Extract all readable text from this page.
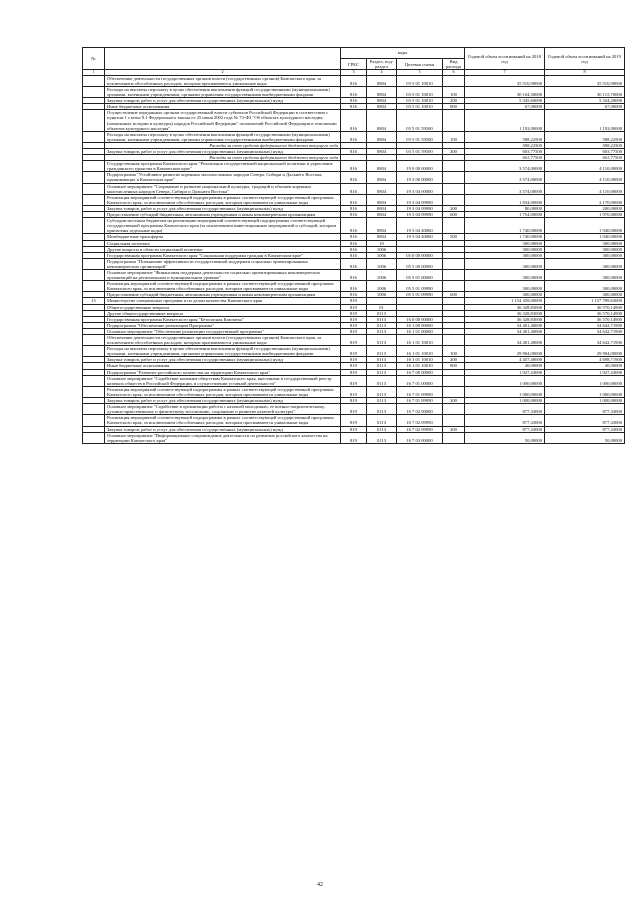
№		коды				Годовой объем ассигнований на 2018 год	Годовой объем ассигнований на 2019 год
		ГРБС	Раздел, под-раздел	Целевая статья	Вид расхода		
1	2	3	4	5	6	7	8
	Обеспечение деятельности государственных органов власти (государственных органов) Камчатского края, за исключением обособленных расходов, которым присваиваются уникальные коды	816	0804	03 5 01 10010		35 516,90000	35 516,90000
	Расходы на выплаты персоналу в целях обеспечения выполнения функций государственными (муниципальными) органами, казенными учреждениями, органами управления государственными внебюджетными фондами	816	0804	03 5 01 10010	100	30 104,30000	30 115,70000
	Закупка товаров, работ и услуг для обеспечения государственных (муниципальных) нужд	816	0804	03 5 01 10010	200	5 345,60000	5 334,20000
	Иные бюджетные ассигнования	816	0804	03 5 01 10010	800	67,00000	67,00000
	Осуществление переданных органам государственной власти субъектов Российской Федерации в соответствии с пунктом 1 статьи 9.1 Федерального закона от 25 июня 2002 года № 73-ФЗ "Об объектах культурного наследия (памятниках истории и культуры) народов Российской Федерации" полномочий Российской Федерации в отношении объектов культурного наследия"	816	0804	03 5 01 59500		1 192,00000	1 192,00000
	Расходы на выплаты персоналу в целях обеспечения выполнения функций государственными (муниципальными) органами, казенными учреждениями, органами управления государственными внебюджетными фондами	816	0804	03 5 01 59500	100	588,22500	588,22500
	Расходы за счет средств федерального бюджета текущего года					588,22500	588,22500
	Закупка товаров, работ и услуг для обеспечения государственных (муниципальных) нужд	816	0804	03 5 01 59500	200	603,77500	603,77500
	Расходы за счет средств федерального бюджета текущего года					603,77500	603,77500
	Государственная программа Камчатского края "Реализация государственной национальной политики и укрепление гражданского единства в Камчатском крае"	816	0804	19 0 00 00000		3 574,00000	4 110,00000
	Подпрограмма "Устойчивое развитие коренных малочисленных народов Севера, Сибири и Дальнего Востока, проживающих в Камчатском крае"	816	0804	19 3 00 00000		3 574,00000	4 110,00000
	Основное мероприятие "Сохранение и развитие национальной культуры, традиций и обычаев коренных малочисленных народов Севера, Сибири и Дальнего Востока"	816	0804	19 3 04 00000		3 574,00000	4 110,00000
	Реализация мероприятий соответствующей подпрограммы в рамках соответствующей государственной программы Камчатского края, за исключением обособленных расходов, которым присваиваются уникальные коды	816	0804	19 3 04 09990		1 834,00000	2 170,00000
	Закупка товаров, работ и услуг для обеспечения государственных (муниципальных) нужд	816	0804	19 3 04 09990	200	80,00000	200,00000
	Предоставление субсидий бюджетным, автономным учреждениям и иным некоммерческим организациям	816	0804	19 3 04 09990	600	1 754,00000	1 970,00000
	Субсидии местным бюджетам на реализацию мероприятий соответствующей подпрограммы соответствующей государственной программы Камчатского края (за исключением инвестиционных мероприятий и субсидий, которым присвоены отдельные коды)	816	0804	19 3 04 40060		1 740,00000	1 940,00000
	Межбюджетные трансферты	816	0804	19 3 04 40060	500	1 740,00000	1 940,00000
	Социальная политика	816	10			300,00000	300,00000
	Другие вопросы в области социальной политики	816	1006			300,00000	300,00000
	Государственная программа Камчатского края "Социальная поддержка граждан в Камчатском крае"	816	1006	05 0 00 00000		300,00000	300,00000
	Подпрограмма "Повышение эффективности государственной поддержки социально ориентированных некоммерческих организаций"	816	1006	05 5 00 00000		300,00000	300,00000
	Основное мероприятие "Финансовая поддержка деятельности социально ориентированных некоммерческих организаций на региональном и муниципальном уровнях"	816	1006	05 5 01 00000		300,00000	300,00000
	Реализация мероприятий соответствующей подпрограммы в рамках соответствующей государственной программы Камчатского края, за исключением обособленных расходов, которым присваиваются уникальные коды	816	1006	05 5 01 09990		300,00000	300,00000
	Предоставление субсидий бюджетным, автономным учреждениям и иным некоммерческим организациям	816	1006	05 5 01 09990	600	300,00000	300,00000
15	Министерство специальных программ и по делам казачества Камчатского края	819				1 154 458,00000	1 157 789,63000
	Общегосударственные вопросы	819	01			36 328,83000	36 570,14900
	Другие общегосударственные вопросы	819	0113			36 328,83000	36 570,14900
	Государственная программа Камчатского края "Безопасная Камчатка"	819	0113	16 0 00 00000		36 328,83000	36 570,14900
	Подпрограмма "Обеспечение реализации Программы"	819	0113	16 1 00 00000		34 401,40000	34 642,71900
	Основное мероприятие "Обеспечение реализации государственной программы"	819	0113	16 1 01 00000		34 401,40000	34 642,71900
	Обеспечение деятельности государственных органов власти (государственных органов) Камчатского края, за исключением обособленных расходов, которым присваиваются уникальные коды	819	0113	16 1 01 10010		34 401,40000	34 642,71900
	Расходы на выплаты персоналу в целях обеспечения выполнения функций государственными (муниципальными) органами, казенными учреждениями, органами управления государственными внебюджетными фондами	819	0113	16 1 01 10010	100	29 904,00000	29 904,00000
	Закупка товаров, работ и услуг для обеспечения государственных (муниципальных) нужд	819	0113	16 1 01 10010	200	4 457,40000	4 698,71900
	Иные бюджетные ассигнования	819	0113	16 1 01 10010	800	40,00000	40,00000
	Подпрограмма "Развитие российского казачества на территории Камчатского края"	819	0113	16 7 00 00000		1 927,43000	1 927,43000
	Основное мероприятие "Содействие казачьим обществам Камчатского края, внесенным в государственный реестр казачьих обществ в Российской Федерации, в осуществлении уставной деятельности"	819	0113	16 7 01 00000		1 000,00000	1 000,00000
	Реализация мероприятий соответствующей подпрограммы в рамках соответствующей государственной программы Камчатского края, за исключением обособленных расходов, которым присваиваются уникальные коды	819	0113	16 7 01 09990		1 000,00000	1 000,00000
	Закупка товаров, работ и услуг для обеспечения государственных (муниципальных) нужд	819	0113	16 7 01 09990	200	1 000,00000	1 000,00000
	Основное мероприятие "Содействие в организации работы с казачьей молодежью, ее военно-патриотическому, духовно-нравственному и физическому воспитанию, сохранение и развитие казачьей культуры"	819	0113	16 7 02 00000		877,43000	877,43000
	Реализация мероприятий соответствующей подпрограммы в рамках соответствующей государственной программы Камчатского края, за исключением обособленных расходов, которым присваиваются уникальные коды	819	0113	16 7 02 09990		877,43000	877,43000
	Закупка товаров, работ и услуг для обеспечения государственных (муниципальных) нужд	819	0113	16 7 02 09990	200	877,43000	877,43000
	Основное мероприятие "Информационное сопровождение деятельности по развитию российского казачества на территории Камчатского края"	819	0113	16 7 03 00000		50,00000	50,00000
42
